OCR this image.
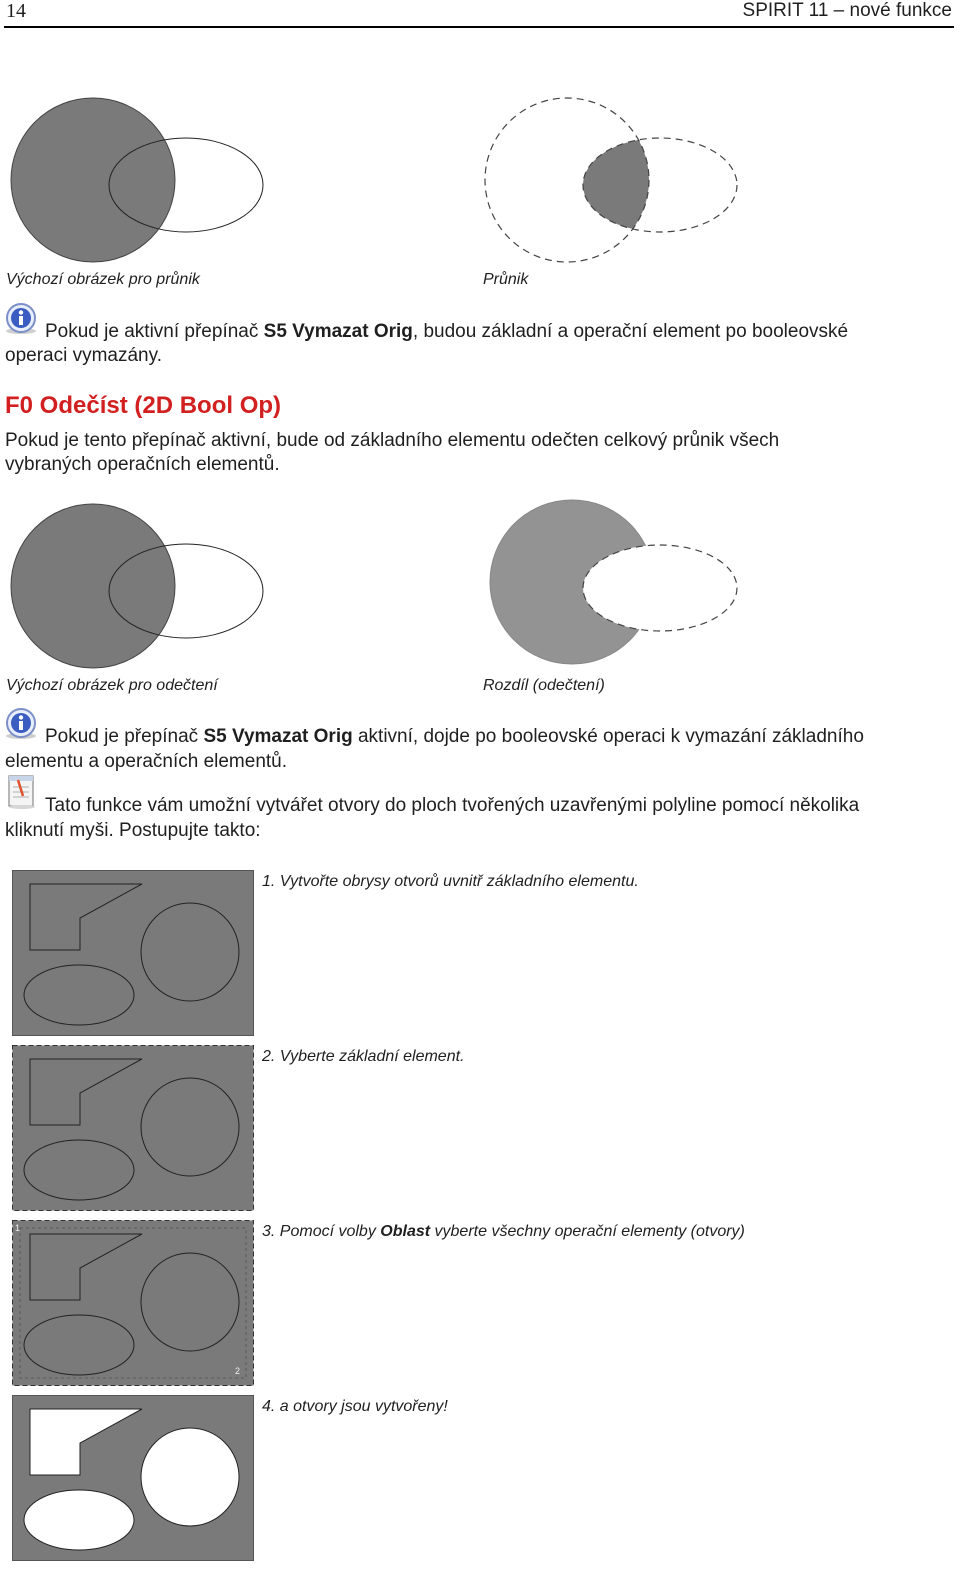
14	SPIRIT 11 – nové funkce
Výchozí obrázek pro průnik	Průnik
Pokud je aktivní přepínač S5 Vymazat Orig, budou základní a operační element po booleovské
operaci vymazány.
F0 Odečíst (2D Bool Op)
Pokud je tento přepínač aktivní, bude od základního elementu odečten celkový průnik všech
vybraných operačních elementů.
Výchozí obrázek pro odečtení	Rozdíl (odečtení)
Pokud je přepínač S5 Vymazat Orig aktivní, dojde po booleovské operaci k vymazání základního
elementu a operačních elementů.
Tato funkce vám umožní vytvářet otvory do ploch tvořených uzavřenými polyline pomocí několika
kliknutí myši. Postupujte takto:
1. Vytvořte obrysy otvorů uvnitř základního elementu.
2. Vyberte základní element.
1
2
3. Pomocí volby Oblast vyberte všechny operační elementy (otvory)
4. a otvory jsou vytvořeny!
